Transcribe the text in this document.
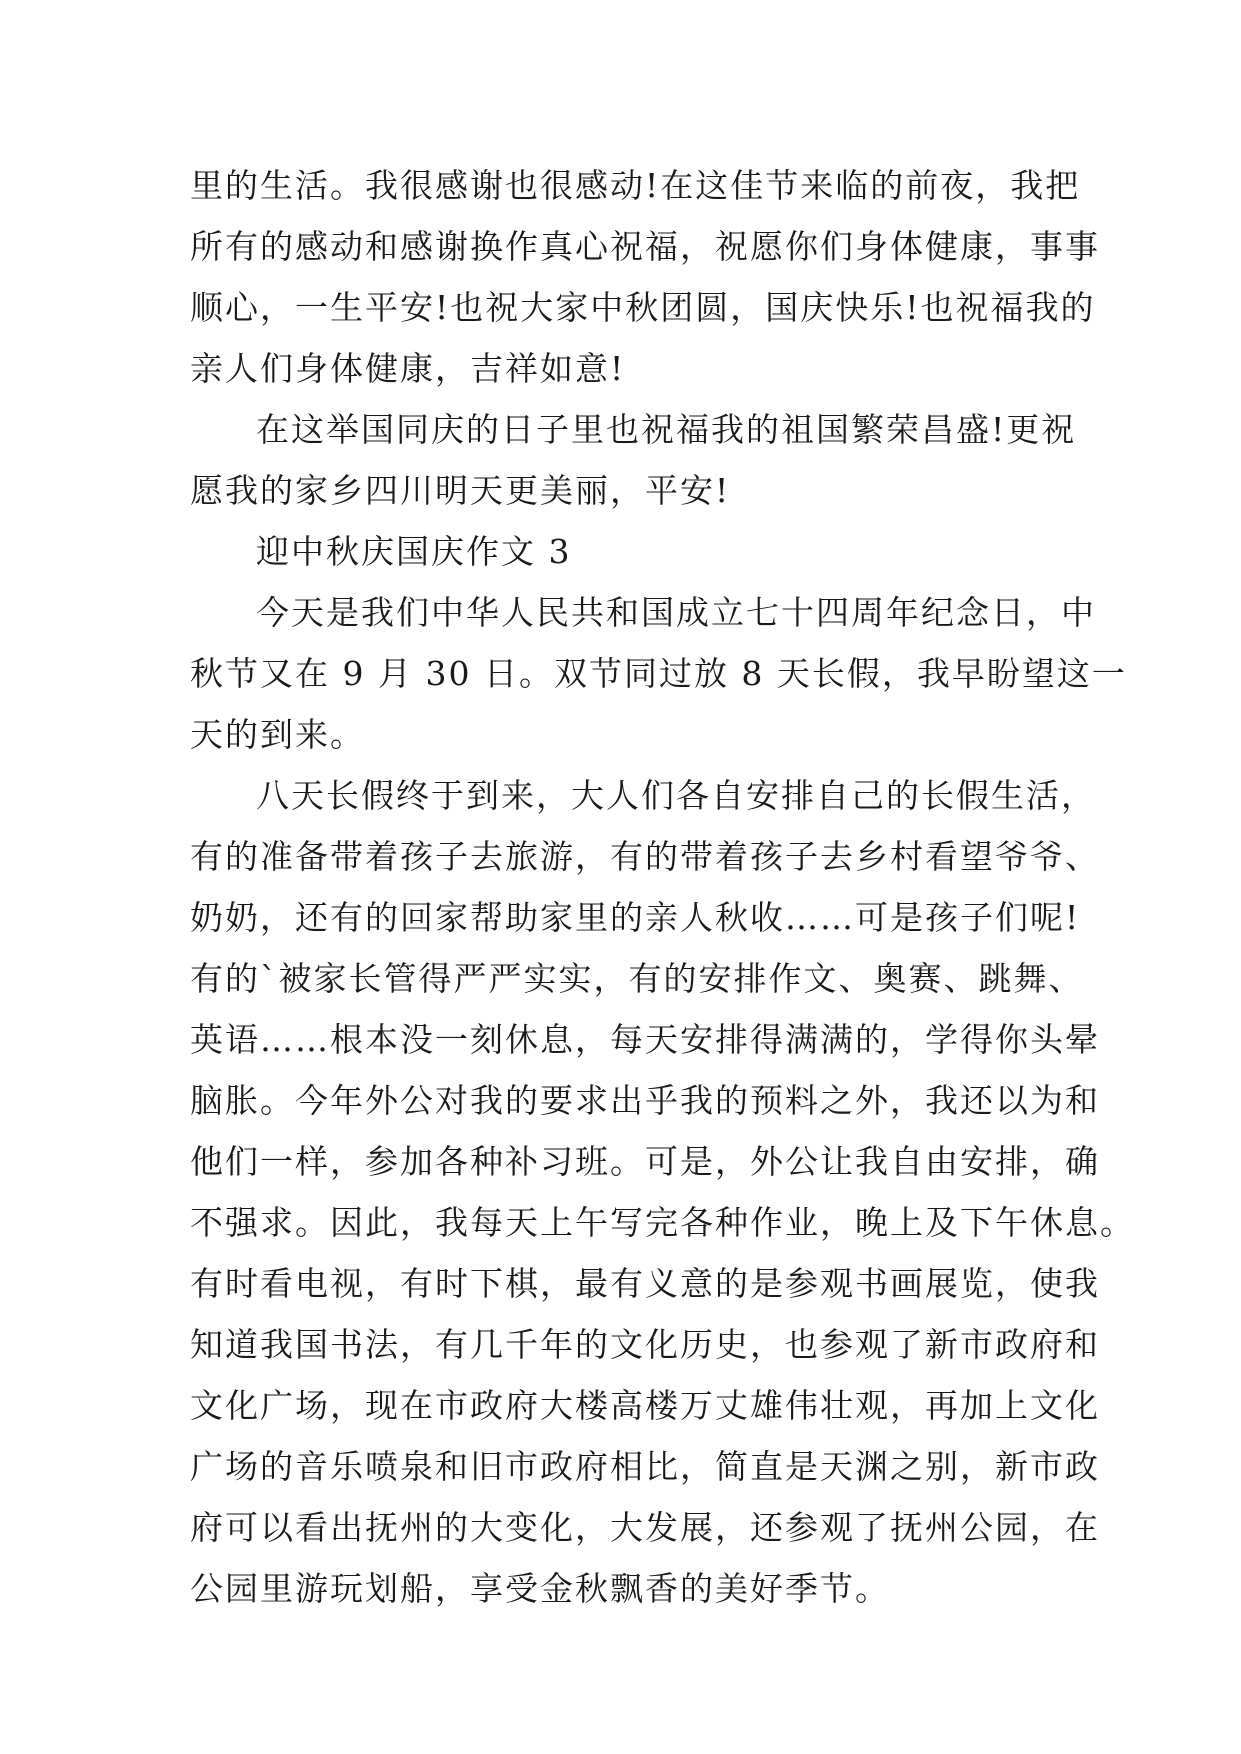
里的生活。我很感谢也很感动!在这佳节来临的前夜，我把
所有的感动和感谢换作真心祝福，祝愿你们身体健康，事事
顺心，一生平安!也祝大家中秋团圆，国庆快乐!也祝福我的
亲人们身体健康，吉祥如意!
在这举国同庆的日子里也祝福我的祖国繁荣昌盛!更祝
愿我的家乡四川明天更美丽，平安!
迎中秋庆国庆作文 3
今天是我们中华人民共和国成立七十四周年纪念日，中
秋节又在 9 月 30 日。双节同过放 8 天长假，我早盼望这一
天的到来。
八天长假终于到来，大人们各自安排自己的长假生活，
有的准备带着孩子去旅游，有的带着孩子去乡村看望爷爷、
奶奶，还有的回家帮助家里的亲人秋收……可是孩子们呢!
有的`被家长管得严严实实，有的安排作文、奥赛、跳舞、
英语……根本没一刻休息，每天安排得满满的，学得你头晕
脑胀。今年外公对我的要求出乎我的预料之外，我还以为和
他们一样，参加各种补习班。可是，外公让我自由安排，确
不强求。因此，我每天上午写完各种作业，晚上及下午休息。
有时看电视，有时下棋，最有义意的是参观书画展览，使我
知道我国书法，有几千年的文化历史，也参观了新市政府和
文化广场，现在市政府大楼高楼万丈雄伟壮观，再加上文化
广场的音乐喷泉和旧市政府相比，简直是天渊之别，新市政
府可以看出抚州的大变化，大发展，还参观了抚州公园，在
公园里游玩划船，享受金秋飘香的美好季节。
